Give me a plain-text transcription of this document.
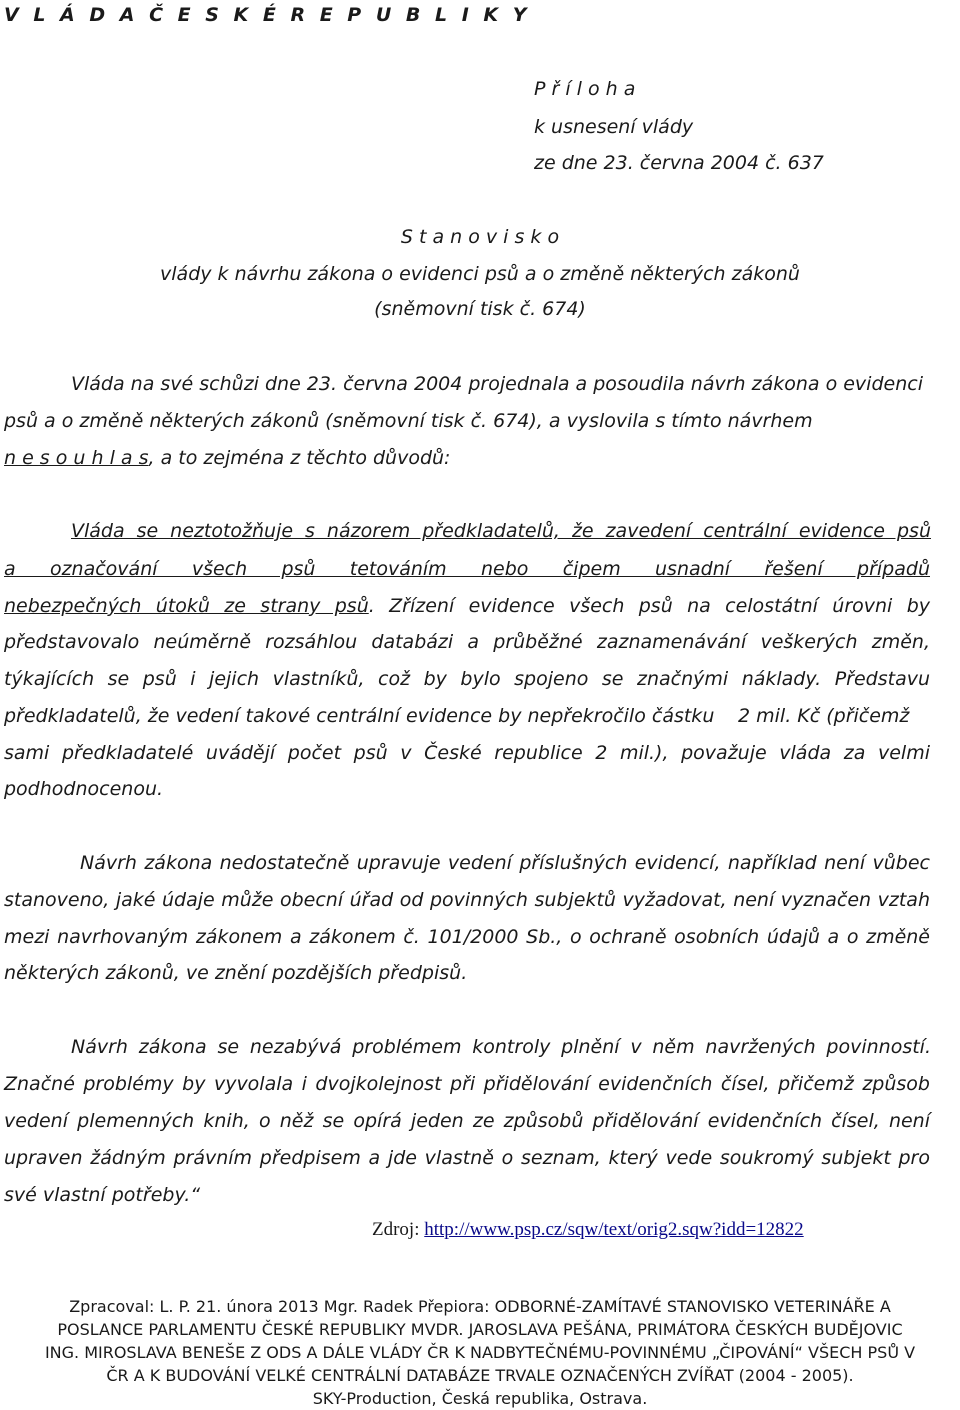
V L Á D A Č E S K É R E P U B L I K Y
P ř í l o h a
k usnesení vlády
ze dne 23. června 2004 č. 637
S t a n o v i s k o
vlády k návrhu zákona o evidenci psů a o změně některých zákonů
(sněmovní tisk č. 674)
Vláda na své schůzi dne 23. června 2004 projednala a posoudila návrh zákona o evidenci
psů a o změně některých zákonů (sněmovní tisk č. 674), a vyslovila s tímto návrhem
n e s o u h l a s, a to zejména z těchto důvodů:
Vláda se neztotožňuje s názorem předkladatelů, že zavedení centrální evidence psů
a označování všech psů tetováním nebo čipem usnadní řešení případů
nebezpečných útoků ze strany psů. Zřízení evidence všech psů na celostátní úrovni by
představovalo neúměrně rozsáhlou databázi a průběžné zaznamenávání veškerých změn,
týkajících se psů i jejich vlastníků, což by bylo spojeno se značnými náklady. Představu
předkladatelů, že vedení takové centrální evidence by nepřekročilo částku 2 mil. Kč (přičemž
sami předkladatelé uvádějí počet psů v České republice 2 mil.), považuje vláda za velmi
podhodnocenou.
Návrh zákona nedostatečně upravuje vedení příslušných evidencí, například není vůbec
stanoveno, jaké údaje může obecní úřad od povinných subjektů vyžadovat, není vyznačen vztah
mezi navrhovaným zákonem a zákonem č. 101/2000 Sb., o ochraně osobních údajů a o změně
některých zákonů, ve znění pozdějších předpisů.
Návrh zákona se nezabývá problémem kontroly plnění v něm navržených povinností.
Značné problémy by vyvolala i dvojkolejnost při přidělování evidenčních čísel, přičemž způsob
vedení plemenných knih, o něž se opírá jeden ze způsobů přidělování evidenčních čísel, není
upraven žádným právním předpisem a jde vlastně o seznam, který vede soukromý subjekt pro
své vlastní potřeby.“
Zdroj: http://www.psp.cz/sqw/text/orig2.sqw?idd=12822
Zpracoval: L. P. 21. února 2013 Mgr. Radek Přepiora: ODBORNÉ-ZAMÍTAVÉ STANOVISKO VETERINÁŘE A
POSLANCE PARLAMENTU ČESKÉ REPUBLIKY MVDR. JAROSLAVA PEŠÁNA, PRIMÁTORA ČESKÝCH BUDĚJOVIC
ING. MIROSLAVA BENEŠE Z ODS A DÁLE VLÁDY ČR K NADBYTEČNÉMU-POVINNÉMU „ČIPOVÁNÍ“ VŠECH PSŮ V
ČR A K BUDOVÁNÍ VELKÉ CENTRÁLNÍ DATABÁZE TRVALE OZNAČENÝCH ZVÍŘAT (2004 - 2005).
SKY-Production, Česká republika, Ostrava.
